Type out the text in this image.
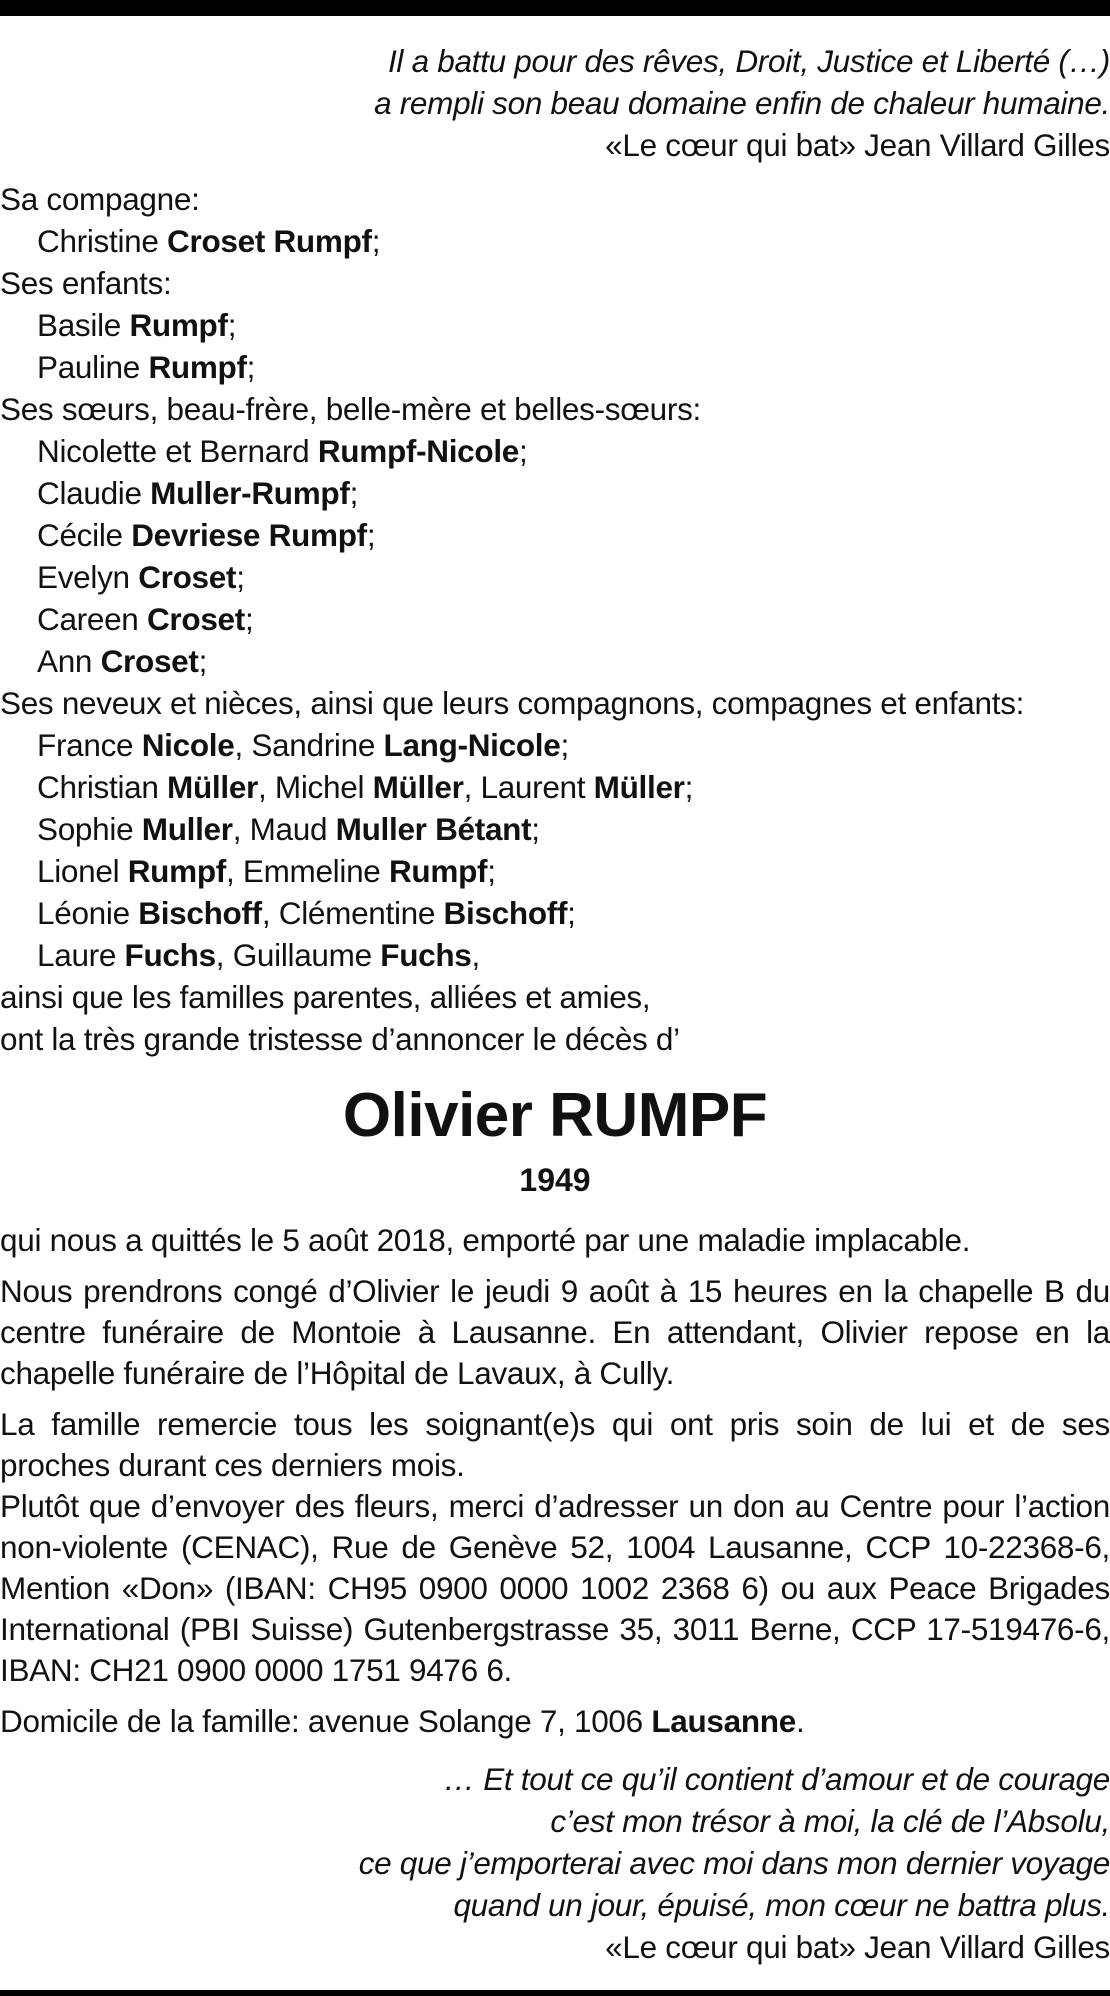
Il a battu pour des rêves, Droit, Justice et Liberté (…)
a rempli son beau domaine enfin de chaleur humaine.
«Le cœur qui bat» Jean Villard Gilles
Sa compagne:
Christine Croset Rumpf;
Ses enfants:
Basile Rumpf;
Pauline Rumpf;
Ses sœurs, beau-frère, belle-mère et belles-sœurs:
Nicolette et Bernard Rumpf-Nicole;
Claudie Muller-Rumpf;
Cécile Devriese Rumpf;
Evelyn Croset;
Careen Croset;
Ann Croset;
Ses neveux et nièces, ainsi que leurs compagnons, compagnes et enfants:
France Nicole, Sandrine Lang-Nicole;
Christian Müller, Michel Müller, Laurent Müller;
Sophie Muller, Maud Muller Bétant;
Lionel Rumpf, Emmeline Rumpf;
Léonie Bischoff, Clémentine Bischoff;
Laure Fuchs, Guillaume Fuchs,
ainsi que les familles parentes, alliées et amies,
ont la très grande tristesse d’annoncer le décès d’
Olivier RUMPF
1949
qui nous a quittés le 5 août 2018, emporté par une maladie implacable.
Nous prendrons congé d’Olivier le jeudi 9 août à 15 heures en la chapelle B du centre funéraire de Montoie à Lausanne. En attendant, Olivier repose en la chapelle funéraire de l’Hôpital de Lavaux, à Cully.
La famille remercie tous les soignant(e)s qui ont pris soin de lui et de ses proches durant ces derniers mois.
Plutôt que d’envoyer des fleurs, merci d’adresser un don au Centre pour l’action non-violente (CENAC), Rue de Genève 52, 1004 Lausanne, CCP 10-22368-6, Mention «Don» (IBAN: CH95 0900 0000 1002 2368 6) ou aux Peace Brigades International (PBI Suisse) Gutenbergstrasse 35, 3011 Berne, CCP 17-519476-6, IBAN: CH21 0900 0000 1751 9476 6.
Domicile de la famille: avenue Solange 7, 1006 Lausanne.
… Et tout ce qu’il contient d’amour et de courage
c’est mon trésor à moi, la clé de l’Absolu,
ce que j’emporterai avec moi dans mon dernier voyage
quand un jour, épuisé, mon cœur ne battra plus.
«Le cœur qui bat» Jean Villard Gilles
